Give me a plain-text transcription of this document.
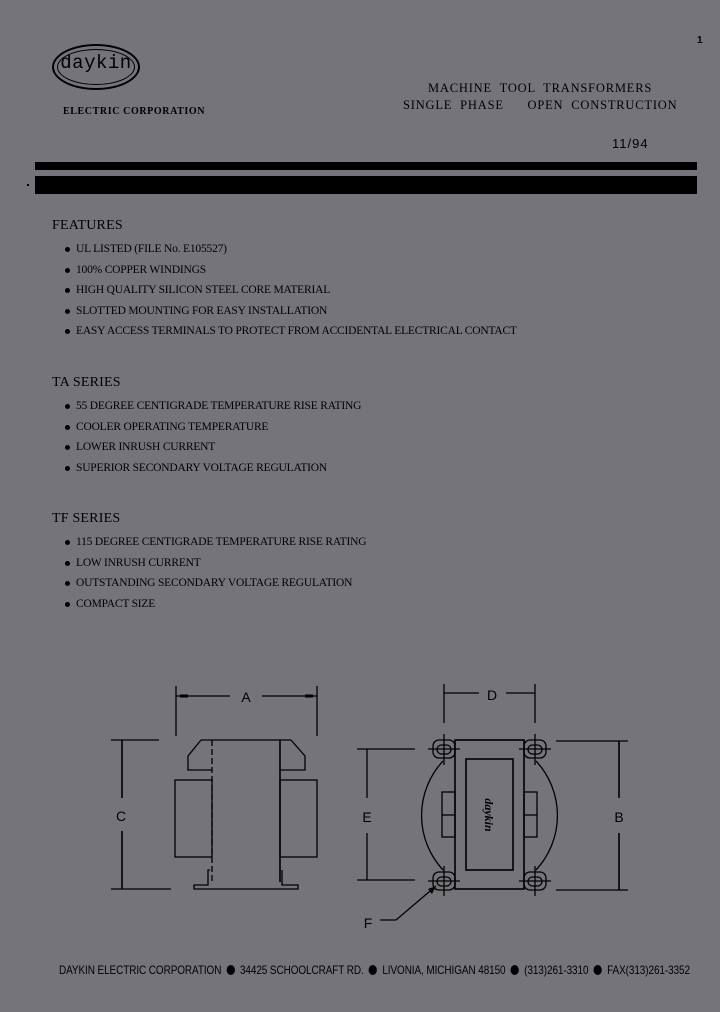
daykin
ELECTRIC CORPORATION
1
MACHINE TOOL TRANSFORMERS
SINGLE PHASE   OPEN CONSTRUCTION
11/94
FEATURES
UL LISTED (FILE No. E105527)
100% COPPER WINDINGS
HIGH QUALITY SILICON STEEL CORE MATERIAL
SLOTTED MOUNTING FOR EASY INSTALLATION
EASY ACCESS TERMINALS TO PROTECT FROM ACCIDENTAL ELECTRICAL CONTACT
TA SERIES
55 DEGREE CENTIGRADE TEMPERATURE RISE RATING
COOLER OPERATING TEMPERATURE
LOWER INRUSH CURRENT
SUPERIOR SECONDARY VOLTAGE REGULATION
TF SERIES
115 DEGREE CENTIGRADE TEMPERATURE RISE RATING
LOW INRUSH CURRENT
OUTSTANDING SECONDARY VOLTAGE REGULATION
COMPACT SIZE
A
C	daykin
D
E	B
F
DAYKIN ELECTRIC CORPORATION 34425 SCHOOLCRAFT RD. LIVONIA, MICHIGAN 48150 (313)261-3310 FAX(313)261-3352
